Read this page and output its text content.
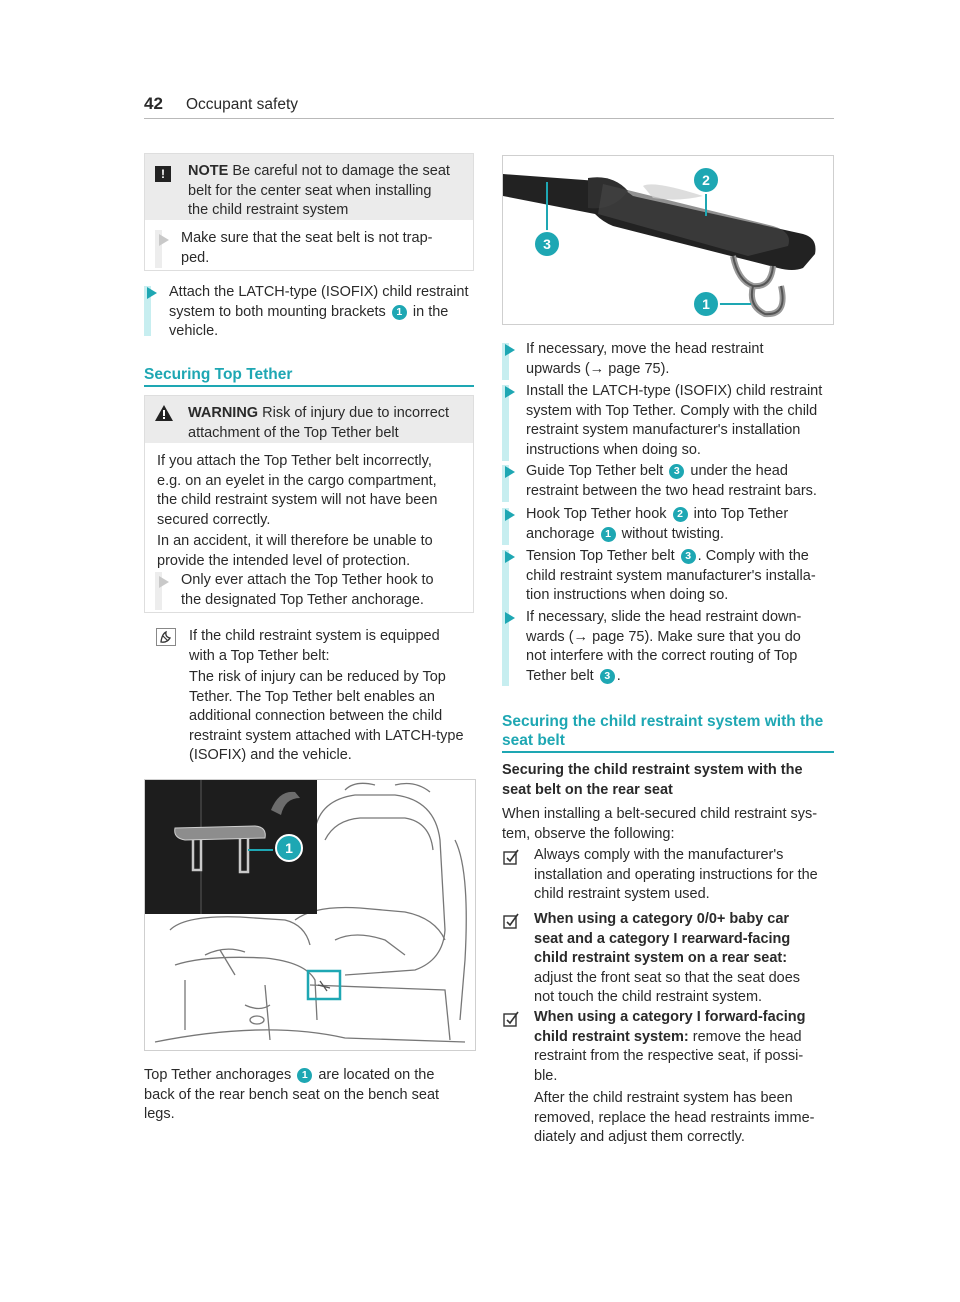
42 Occupant safety
!	NOTE Be careful not to damage the seat
belt for the center seat when installing
the child restraint system
Make sure that the seat belt is not trap-
ped.
Attach the LATCH-type (ISOFIX) child restraint
system to both mounting brackets 1 in the
vehicle.
Securing Top Tether
WARNING Risk of injury due to incorrect
attachment of the Top Tether belt
If you attach the Top Tether belt incorrectly,
e.g. on an eyelet in the cargo compartment,
the child restraint system will not have been
secured correctly.

In an accident, it will therefore be unable to
provide the intended level of protection.
Only ever attach the Top Tether hook to
the designated Top Tether anchorage.
If the child restraint system is equipped
with a Top Tether belt:

The risk of injury can be reduced by Top
Tether. The Top Tether belt enables an
additional connection between the child
restraint system attached with LATCH-type
(ISOFIX) and the vehicle.
1
Top Tether anchorages 1 are located on the
back of the rear bench seat on the bench seat
legs.
3
2
1
If necessary, move the head restraint
upwards (→ page 75).
Install the LATCH-type (ISOFIX) child restraint
system with Top Tether. Comply with the child
restraint system manufacturer's installation
instructions when doing so.
Guide Top Tether belt 3 under the head
restraint between the two head restraint bars.
Hook Top Tether hook 2 into Top Tether
anchorage 1 without twisting.
Tension Top Tether belt 3 . Comply with the
child restraint system manufacturer's installa-
tion instructions when doing so.
If necessary, slide the head restraint down-
wards (→ page 75). Make sure that you do
not interfere with the correct routing of Top
Tether belt 3 .
Securing the child restraint system with the
seat belt
Securing the child restraint system with the
seat belt on the rear seat
When installing a belt-secured child restraint sys-
tem, observe the following:
Always comply with the manufacturer's
installation and operating instructions for the
child restraint system used.
When using a category 0/0+ baby car
seat and a category I rearward-facing
child restraint system on a rear seat:
adjust the front seat so that the seat does
not touch the child restraint system.
When using a category I forward-facing
child restraint system: remove the head
restraint from the respective seat, if possi-
ble.

After the child restraint system has been
removed, replace the head restraints imme-
diately and adjust them correctly.
